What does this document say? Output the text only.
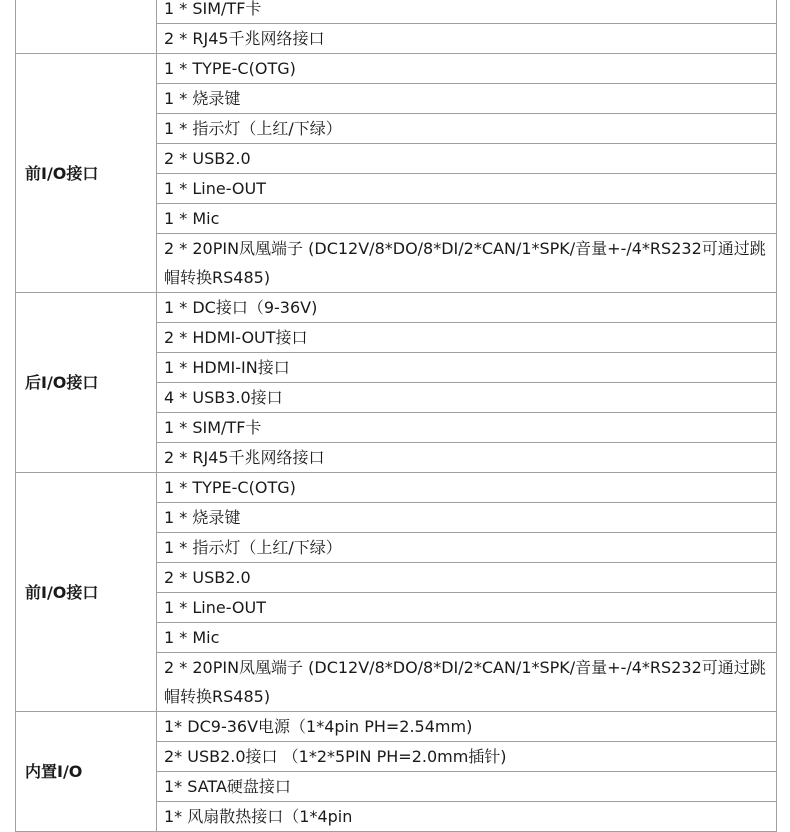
	1 * SIM/TF卡
	2 * RJ45千兆网络接口
前I/O接口	1 * TYPE-C(OTG)
	1 * 烧录键
	1 * 指示灯（上红/下绿）
	2 * USB2.0
	1 * Line-OUT
	1 * Mic
	2 * 20PIN凤凰端子 (DC12V/8*DO/8*DI/2*CAN/1*SPK/音量+-/4*RS232可通过跳帽转换RS485)
后I/O接口	1 * DC接口（9-36V)
	2 * HDMI-OUT接口
	1 * HDMI-IN接口
	4 * USB3.0接口
	1 * SIM/TF卡
	2 * RJ45千兆网络接口
前I/O接口	1 * TYPE-C(OTG)
	1 * 烧录键
	1 * 指示灯（上红/下绿）
	2 * USB2.0
	1 * Line-OUT
	1 * Mic
	2 * 20PIN凤凰端子 (DC12V/8*DO/8*DI/2*CAN/1*SPK/音量+-/4*RS232可通过跳帽转换RS485)
内置I/O	1* DC9-36V电源（1*4pin PH=2.54mm)
	2* USB2.0接口 （1*2*5PIN PH=2.0mm插针)
	1* SATA硬盘接口
	1* 风扇散热接口（1*4pin
